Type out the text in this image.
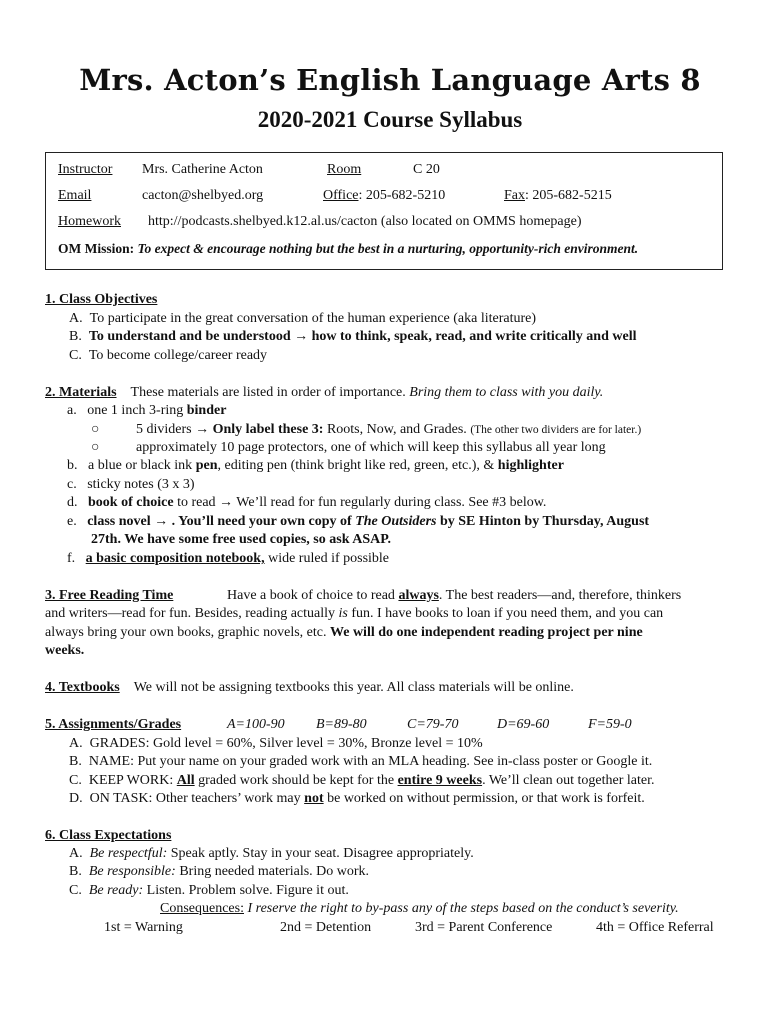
Mrs. Acton’s English Language Arts 8
2020-2021 Course Syllabus
Instructor Mrs. Catherine Acton	Room	C 20
Email	cacton@shelbyed.org	Office: 205-682-5210	Fax: 205-682-5215
Homework http://podcasts.shelbyed.k12.al.us/cacton (also located on OMMS homepage)
OM Mission: To expect & encourage nothing but the best in a nurturing, opportunity-rich environment.
1. Class Objectives
A. To participate in the great conversation of the human experience (aka literature)
B. To understand and be understood → how to think, speak, read, and write critically and well
C. To become college/career ready
2. Materials These materials are listed in order of importance. Bring them to class with you daily.
a. one 1 inch 3-ring binder
○	5 dividers → Only label these 3: Roots, Now, and Grades. (The other two dividers are for later.)
○	approximately 10 page protectors, one of which will keep this syllabus all year long
b. a blue or black ink pen, editing pen (think bright like red, green, etc.), & highlighter
c. sticky notes (3 x 3)
d. book of choice to read → We’ll read for fun regularly during class. See #3 below.
e. class novel → . You’ll need your own copy of The Outsiders by SE Hinton by Thursday, August
27th. We have some free used copies, so ask ASAP.
f. a basic composition notebook, wide ruled if possible
3. Free Reading Time	Have a book of choice to read always. The best readers—and, therefore, thinkers
and writers—read for fun. Besides, reading actually is fun. I have books to loan if you need them, and you can
always bring your own books, graphic novels, etc. We will do one independent reading project per nine
weeks.
4. Textbooks We will not be assigning textbooks this year. All class materials will be online.
5. Assignments/Grades	A=100-90 B=89-80	C=79-70	D=69-60	F=59-0
A. GRADES: Gold level = 60%, Silver level = 30%, Bronze level = 10%
B. NAME: Put your name on your graded work with an MLA heading. See in-class poster or Google it.
C. KEEP WORK: All graded work should be kept for the entire 9 weeks. We’ll clean out together later.
D. ON TASK: Other teachers’ work may not be worked on without permission, or that work is forfeit.
6. Class Expectations
A. Be respectful: Speak aptly. Stay in your seat. Disagree appropriately.
B. Be responsible: Bring needed materials. Do work.
C. Be ready: Listen. Problem solve. Figure it out.
Consequences: I reserve the right to by-pass any of the steps based on the conduct’s severity.
1st = Warning	2nd = Detention	3rd = Parent Conference	4th = Office Referral
